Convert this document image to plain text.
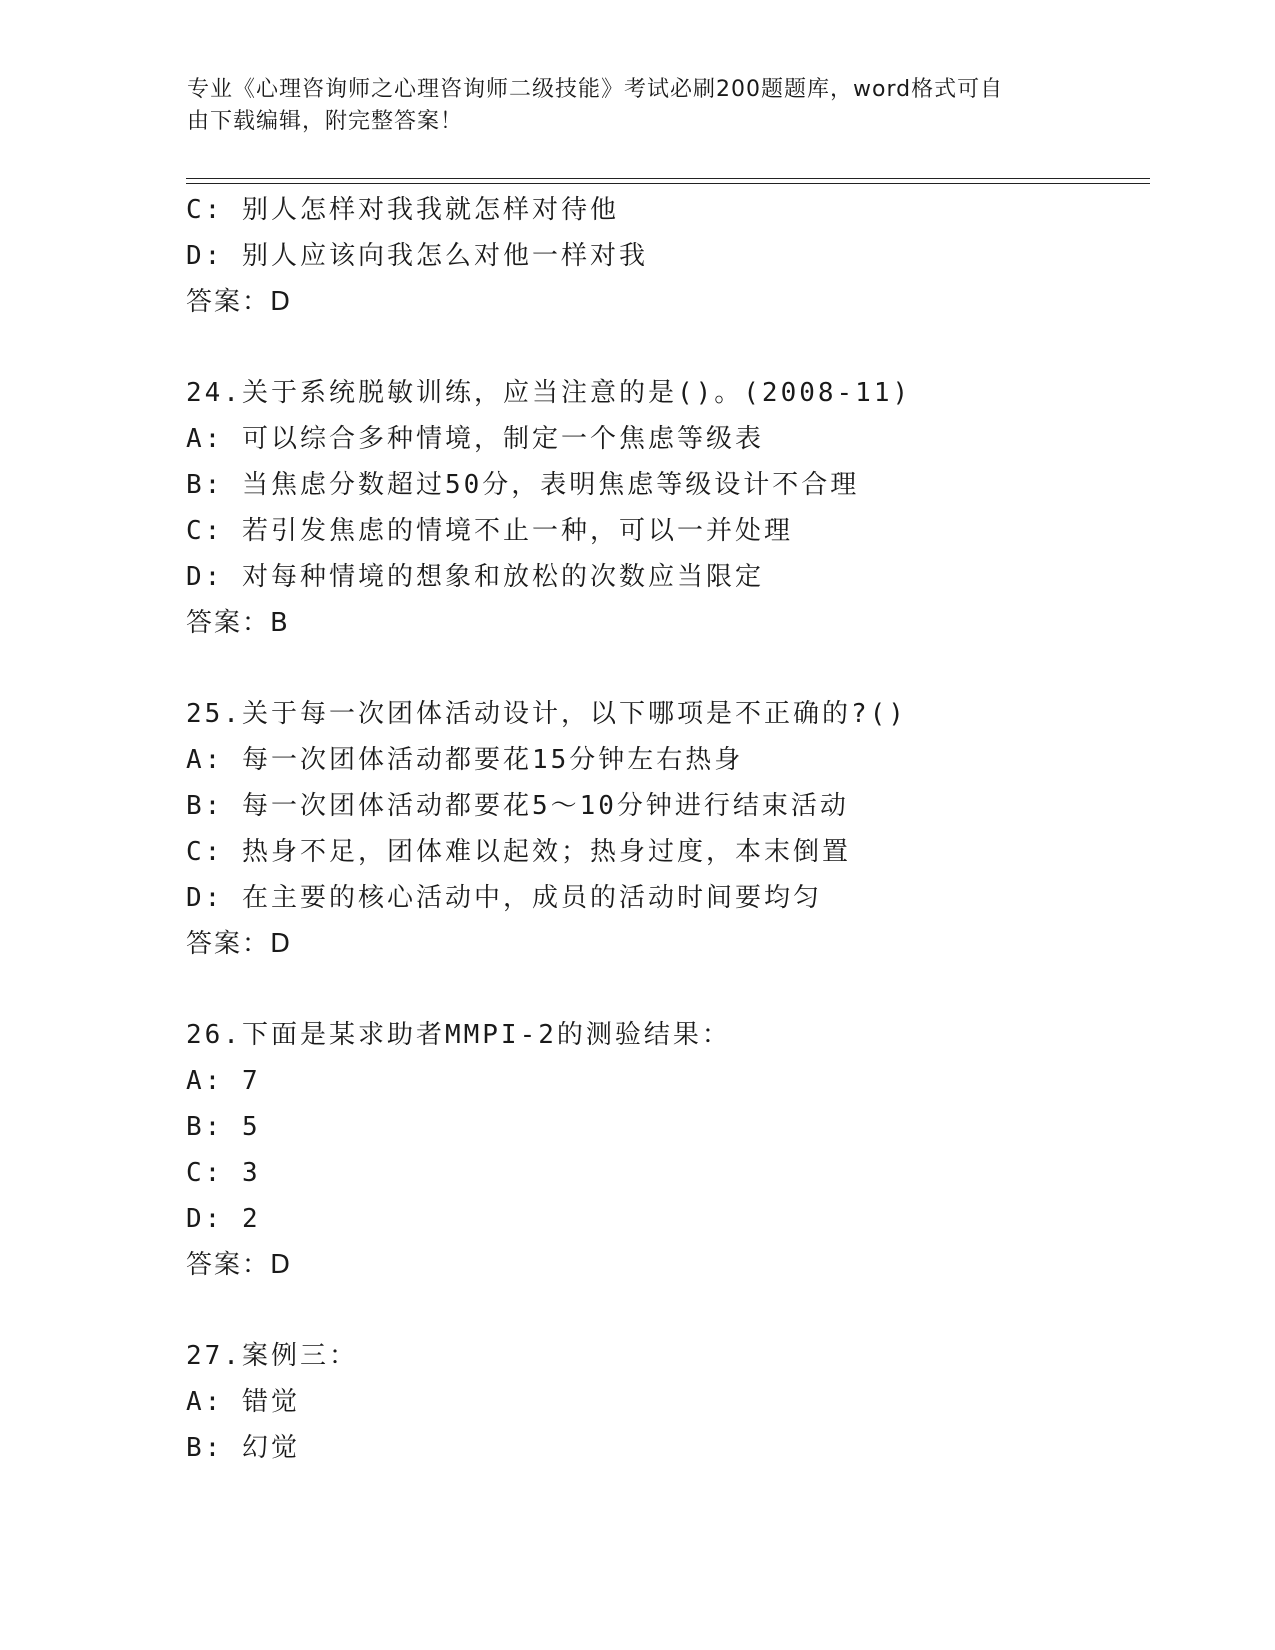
专业《心理咨询师之心理咨询师二级技能》考试必刷200题题库，word格式可自
由下载编辑，附完整答案！
C: 别人怎样对我我就怎样对待他
D: 别人应该向我怎么对他一样对我
答案：D
24.关于系统脱敏训练，应当注意的是()。(2008-11)
A: 可以综合多种情境，制定一个焦虑等级表
B: 当焦虑分数超过50分，表明焦虑等级设计不合理
C: 若引发焦虑的情境不止一种，可以一并处理
D: 对每种情境的想象和放松的次数应当限定
答案：B
25.关于每一次团体活动设计，以下哪项是不正确的?()
A: 每一次团体活动都要花15分钟左右热身
B: 每一次团体活动都要花5～10分钟进行结束活动
C: 热身不足，团体难以起效；热身过度，本末倒置
D: 在主要的核心活动中，成员的活动时间要均匀
答案：D
26.下面是某求助者MMPI-2的测验结果：
A: 7
B: 5
C: 3
D: 2
答案：D
27.案例三：
A: 错觉
B: 幻觉
